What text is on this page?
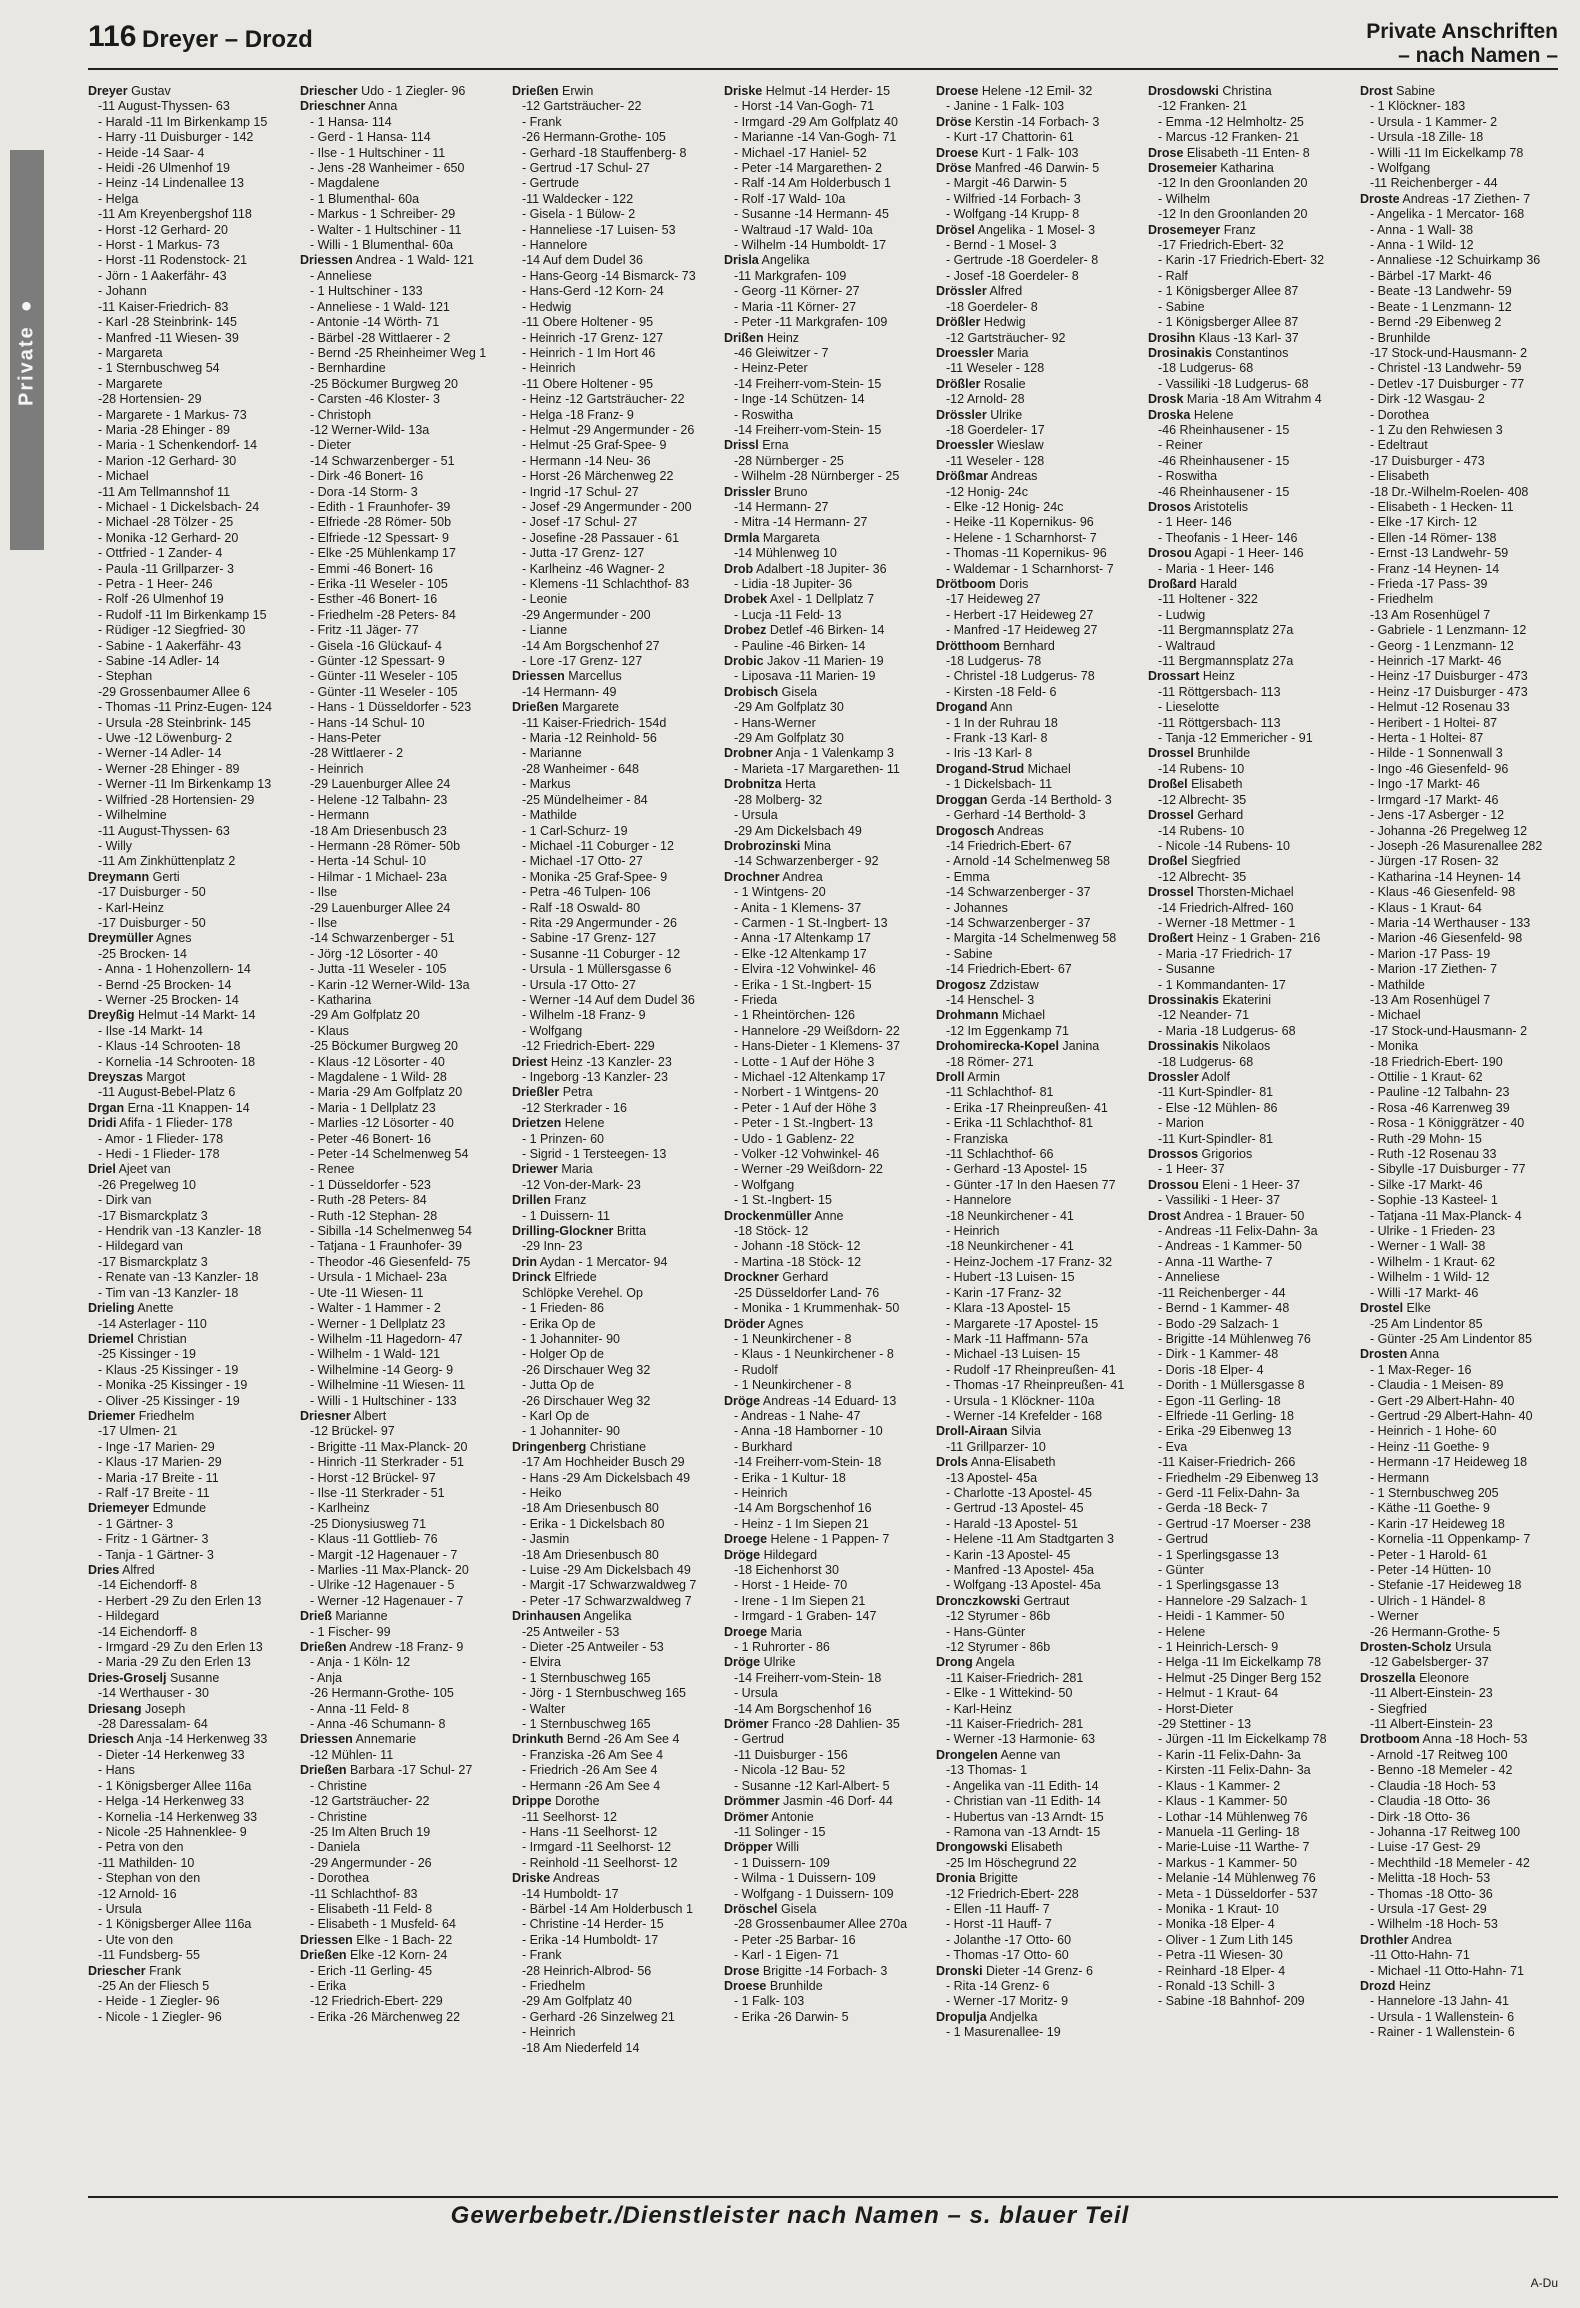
116 Dreyer – Drozd	Private Anschriften
– nach Namen –
Private ●
Dreyer Gustav
-11 August-Thyssen- 63
- Harald -11 Im Birkenkamp 15
- Harry -11 Duisburger - 142
- Heide -14 Saar- 4
- Heidi -26 Ulmenhof 19
- Heinz -14 Lindenallee 13
- Helga
-11 Am Kreyenbergshof 118
- Horst -12 Gerhard- 20
- Horst - 1 Markus- 73
- Horst -11 Rodenstock- 21
- Jörn - 1 Aakerfähr- 43
- Johann
-11 Kaiser-Friedrich- 83
- Karl -28 Steinbrink- 145
- Manfred -11 Wiesen- 39
- Margareta
- 1 Sternbuschweg 54
- Margarete
-28 Hortensien- 29
- Margarete - 1 Markus- 73
- Maria -28 Ehinger - 89
- Maria - 1 Schenkendorf- 14
- Marion -12 Gerhard- 30
- Michael
-11 Am Tellmannshof 11
- Michael - 1 Dickelsbach- 24
- Michael -28 Tölzer - 25
- Monika -12 Gerhard- 20
- Ottfried - 1 Zander- 4
- Paula -11 Grillparzer- 3
- Petra - 1 Heer- 246
- Rolf -26 Ulmenhof 19
- Rudolf -11 Im Birkenkamp 15
- Rüdiger -12 Siegfried- 30
- Sabine - 1 Aakerfähr- 43
- Sabine -14 Adler- 14
- Stephan
-29 Grossenbaumer Allee 6
- Thomas -11 Prinz-Eugen- 124
- Ursula -28 Steinbrink- 145
- Uwe -12 Löwenburg- 2
- Werner -14 Adler- 14
- Werner -28 Ehinger - 89
- Werner -11 Im Birkenkamp 13
- Wilfried -28 Hortensien- 29
- Wilhelmine
-11 August-Thyssen- 63
- Willy
-11 Am Zinkhüttenplatz 2
Dreymann Gerti
-17 Duisburger - 50
- Karl-Heinz
-17 Duisburger - 50
Dreymüller Agnes
-25 Brocken- 14
- Anna - 1 Hohenzollern- 14
- Bernd -25 Brocken- 14
- Werner -25 Brocken- 14
Dreyßig Helmut -14 Markt- 14
- Ilse -14 Markt- 14
- Klaus -14 Schrooten- 18
- Kornelia -14 Schrooten- 18
Dreyszas Margot
-11 August-Bebel-Platz 6
Drgan Erna -11 Knappen- 14
Dridi Afifa - 1 Flieder- 178
- Amor - 1 Flieder- 178
- Hedi - 1 Flieder- 178
Driel Ajeet van
-26 Pregelweg 10
- Dirk van
-17 Bismarckplatz 3
- Hendrik van -13 Kanzler- 18
- Hildegard van
-17 Bismarckplatz 3
- Renate van -13 Kanzler- 18
- Tim van -13 Kanzler- 18
Drieling Anette
-14 Asterlager - 110
Driemel Christian
-25 Kissinger - 19
- Klaus -25 Kissinger - 19
- Monika -25 Kissinger - 19
- Oliver -25 Kissinger - 19
Driemer Friedhelm
-17 Ulmen- 21
- Inge -17 Marien- 29
- Klaus -17 Marien- 29
- Maria -17 Breite - 11
- Ralf -17 Breite - 11
Driemeyer Edmunde
- 1 Gärtner- 3
- Fritz - 1 Gärtner- 3
- Tanja - 1 Gärtner- 3
Dries Alfred
-14 Eichendorff- 8
- Herbert -29 Zu den Erlen 13
- Hildegard
-14 Eichendorff- 8
- Irmgard -29 Zu den Erlen 13
- Maria -29 Zu den Erlen 13
Dries-Groselj Susanne
-14 Werthauser - 30
Driesang Joseph
-28 Daressalam- 64
Driesch Anja -14 Herkenweg 33
- Dieter -14 Herkenweg 33
- Hans
- 1 Königsberger Allee 116a
- Helga -14 Herkenweg 33
- Kornelia -14 Herkenweg 33
- Nicole -25 Hahnenklee- 9
- Petra von den
-11 Mathilden- 10
- Stephan von den
-12 Arnold- 16
- Ursula
- 1 Königsberger Allee 116a
- Ute von den
-11 Fundsberg- 55
Driescher Frank
-25 An der Fliesch 5
- Heide - 1 Ziegler- 96
- Nicole - 1 Ziegler- 96
Driescher Udo - 1 Ziegler- 96
Drieschner Anna
- 1 Hansa- 114
- Gerd - 1 Hansa- 114
- Ilse - 1 Hultschiner - 11
- Jens -28 Wanheimer - 650
- Magdalene
- 1 Blumenthal- 60a
- Markus - 1 Schreiber- 29
- Walter - 1 Hultschiner - 11
- Willi - 1 Blumenthal- 60a
Driessen Andrea - 1 Wald- 121
- Anneliese
- 1 Hultschiner - 133
- Anneliese - 1 Wald- 121
- Antonie -14 Wörth- 71
- Bärbel -28 Wittlaerer - 2
- Bernd -25 Rheinheimer Weg 1
- Bernhardine
-25 Böckumer Burgweg 20
- Carsten -46 Kloster- 3
- Christoph
-12 Werner-Wild- 13a
- Dieter
-14 Schwarzenberger - 51
- Dirk -46 Bonert- 16
- Dora -14 Storm- 3
- Edith - 1 Fraunhofer- 39
- Elfriede -28 Römer- 50b
- Elfriede -12 Spessart- 9
- Elke -25 Mühlenkamp 17
- Emmi -46 Bonert- 16
- Erika -11 Weseler - 105
- Esther -46 Bonert- 16
- Friedhelm -28 Peters- 84
- Fritz -11 Jäger- 77
- Gisela -16 Glückauf- 4
- Günter -12 Spessart- 9
- Günter -11 Weseler - 105
- Günter -11 Weseler - 105
- Hans - 1 Düsseldorfer - 523
- Hans -14 Schul- 10
- Hans-Peter
-28 Wittlaerer - 2
- Heinrich
-29 Lauenburger Allee 24
- Helene -12 Talbahn- 23
- Hermann
-18 Am Driesenbusch 23
- Hermann -28 Römer- 50b
- Herta -14 Schul- 10
- Hilmar - 1 Michael- 23a
- Ilse
-29 Lauenburger Allee 24
- Ilse
-14 Schwarzenberger - 51
- Jörg -12 Lösorter - 40
- Jutta -11 Weseler - 105
- Karin -12 Werner-Wild- 13a
- Katharina
-29 Am Golfplatz 20
- Klaus
-25 Böckumer Burgweg 20
- Klaus -12 Lösorter - 40
- Magdalene - 1 Wild- 28
- Maria -29 Am Golfplatz 20
- Maria - 1 Dellplatz 23
- Marlies -12 Lösorter - 40
- Peter -46 Bonert- 16
- Peter -14 Schelmenweg 54
- Renee
- 1 Düsseldorfer - 523
- Ruth -28 Peters- 84
- Ruth -12 Stephan- 28
- Sibilla -14 Schelmenweg 54
- Tatjana - 1 Fraunhofer- 39
- Theodor -46 Giesenfeld- 75
- Ursula - 1 Michael- 23a
- Ute -11 Wiesen- 11
- Walter - 1 Hammer - 2
- Werner - 1 Dellplatz 23
- Wilhelm -11 Hagedorn- 47
- Wilhelm - 1 Wald- 121
- Wilhelmine -14 Georg- 9
- Wilhelmine -11 Wiesen- 11
- Willi - 1 Hultschiner - 133
Driesner Albert
-12 Brückel- 97
- Brigitte -11 Max-Planck- 20
- Hinrich -11 Sterkrader - 51
- Horst -12 Brückel- 97
- Ilse -11 Sterkrader - 51
- Karlheinz
-25 Dionysiusweg 71
- Klaus -11 Gottlieb- 76
- Margit -12 Hagenauer - 7
- Marlies -11 Max-Planck- 20
- Ulrike -12 Hagenauer - 5
- Werner -12 Hagenauer - 7
Drieß Marianne
- 1 Fischer- 99
Drießen Andrew -18 Franz- 9
- Anja - 1 Köln- 12
- Anja
-26 Hermann-Grothe- 105
- Anna -11 Feld- 8
- Anna -46 Schumann- 8
Driessen Annemarie
-12 Mühlen- 11
Drießen Barbara -17 Schul- 27
- Christine
-12 Gartsträucher- 22
- Christine
-25 Im Alten Bruch 19
- Daniela
-29 Angermunder - 26
- Dorothea
-11 Schlachthof- 83
- Elisabeth -11 Feld- 8
- Elisabeth - 1 Musfeld- 64
Driessen Elke - 1 Bach- 22
Drießen Elke -12 Korn- 24
- Erich -11 Gerling- 45
- Erika
-12 Friedrich-Ebert- 229
- Erika -26 Märchenweg 22
Drießen Erwin
-12 Gartsträucher- 22
- Frank
-26 Hermann-Grothe- 105
- Gerhard -18 Stauffenberg- 8
- Gertrud -17 Schul- 27
- Gertrude
-11 Waldecker - 122
- Gisela - 1 Bülow- 2
- Hanneliese -17 Luisen- 53
- Hannelore
-14 Auf dem Dudel 36
- Hans-Georg -14 Bismarck- 73
- Hans-Gerd -12 Korn- 24
- Hedwig
-11 Obere Holtener - 95
- Heinrich -17 Grenz- 127
- Heinrich - 1 Im Hort 46
- Heinrich
-11 Obere Holtener - 95
- Heinz -12 Gartsträucher- 22
- Helga -18 Franz- 9
- Helmut -29 Angermunder - 26
- Helmut -25 Graf-Spee- 9
- Hermann -14 Neu- 36
- Horst -26 Märchenweg 22
- Ingrid -17 Schul- 27
- Josef -29 Angermunder - 200
- Josef -17 Schul- 27
- Josefine -28 Passauer - 61
- Jutta -17 Grenz- 127
- Karlheinz -46 Wagner- 2
- Klemens -11 Schlachthof- 83
- Leonie
-29 Angermunder - 200
- Lianne
-14 Am Borgschenhof 27
- Lore -17 Grenz- 127
Driessen Marcellus
-14 Hermann- 49
Drießen Margarete
-11 Kaiser-Friedrich- 154d
- Maria -12 Reinhold- 56
- Marianne
-28 Wanheimer - 648
- Markus
-25 Mündelheimer - 84
- Mathilde
- 1 Carl-Schurz- 19
- Michael -11 Coburger - 12
- Michael -17 Otto- 27
- Monika -25 Graf-Spee- 9
- Petra -46 Tulpen- 106
- Ralf -18 Oswald- 80
- Rita -29 Angermunder - 26
- Sabine -17 Grenz- 127
- Susanne -11 Coburger - 12
- Ursula - 1 Müllersgasse 6
- Ursula -17 Otto- 27
- Werner -14 Auf dem Dudel 36
- Wilhelm -18 Franz- 9
- Wolfgang
-12 Friedrich-Ebert- 229
Driest Heinz -13 Kanzler- 23
- Ingeborg -13 Kanzler- 23
Drießler Petra
-12 Sterkrader - 16
Drietzen Helene
- 1 Prinzen- 60
- Sigrid - 1 Tersteegen- 13
Driewer Maria
-12 Von-der-Mark- 23
Drillen Franz
- 1 Duissern- 11
Drilling-Glockner Britta
-29 Inn- 23
Drin Aydan - 1 Mercator- 94
Drinck Elfriede
Schlöpke Verehel. Op
- 1 Frieden- 86
- Erika Op de
- 1 Johanniter- 90
- Holger Op de
-26 Dirschauer Weg 32
- Jutta Op de
-26 Dirschauer Weg 32
- Karl Op de
- 1 Johanniter- 90
Dringenberg Christiane
-17 Am Hochheider Busch 29
- Hans -29 Am Dickelsbach 49
- Heiko
-18 Am Driesenbusch 80
- Erika - 1 Dickelsbach 80
- Jasmin
-18 Am Driesenbusch 80
- Luise -29 Am Dickelsbach 49
- Margit -17 Schwarzwaldweg 7
- Peter -17 Schwarzwaldweg 7
Drinhausen Angelika
-25 Antweiler - 53
- Dieter -25 Antweiler - 53
- Elvira
- 1 Sternbuschweg 165
- Jörg - 1 Sternbuschweg 165
- Walter
- 1 Sternbuschweg 165
Drinkuth Bernd -26 Am See 4
- Franziska -26 Am See 4
- Friedrich -26 Am See 4
- Hermann -26 Am See 4
Drippe Dorothe
-11 Seelhorst- 12
- Hans -11 Seelhorst- 12
- Irmgard -11 Seelhorst- 12
- Reinhold -11 Seelhorst- 12
Driske Andreas
-14 Humboldt- 17
- Bärbel -14 Am Holderbusch 1
- Christine -14 Herder- 15
- Erika -14 Humboldt- 17
- Frank
-28 Heinrich-Albrod- 56
- Friedhelm
-29 Am Golfplatz 40
- Gerhard -26 Sinzelweg 21
- Heinrich
-18 Am Niederfeld 14
Driske Helmut -14 Herder- 15
- Horst -14 Van-Gogh- 71
- Irmgard -29 Am Golfplatz 40
- Marianne -14 Van-Gogh- 71
- Michael -17 Haniel- 52
- Peter -14 Margarethen- 2
- Ralf -14 Am Holderbusch 1
- Rolf -17 Wald- 10a
- Susanne -14 Hermann- 45
- Waltraud -17 Wald- 10a
- Wilhelm -14 Humboldt- 17
Drisla Angelika
-11 Markgrafen- 109
- Georg -11 Körner- 27
- Maria -11 Körner- 27
- Peter -11 Markgrafen- 109
Drißen Heinz
-46 Gleiwitzer - 7
- Heinz-Peter
-14 Freiherr-vom-Stein- 15
- Inge -14 Schützen- 14
- Roswitha
-14 Freiherr-vom-Stein- 15
Drissl Erna
-28 Nürnberger - 25
- Wilhelm -28 Nürnberger - 25
Drissler Bruno
-14 Hermann- 27
- Mitra -14 Hermann- 27
Drmla Margareta
-14 Mühlenweg 10
Drob Adalbert -18 Jupiter- 36
- Lidia -18 Jupiter- 36
Drobek Axel - 1 Dellplatz 7
- Lucja -11 Feld- 13
Drobez Detlef -46 Birken- 14
- Pauline -46 Birken- 14
Drobic Jakov -11 Marien- 19
- Liposava -11 Marien- 19
Drobisch Gisela
-29 Am Golfplatz 30
- Hans-Werner
-29 Am Golfplatz 30
Drobner Anja - 1 Valenkamp 3
- Marieta -17 Margarethen- 11
Drobnitza Herta
-28 Molberg- 32
- Ursula
-29 Am Dickelsbach 49
Drobrozinski Mina
-14 Schwarzenberger - 92
Drochner Andrea
- 1 Wintgens- 20
- Anita - 1 Klemens- 37
- Carmen - 1 St.-Ingbert- 13
- Anna -17 Altenkamp 17
- Elke -12 Altenkamp 17
- Elvira -12 Vohwinkel- 46
- Erika - 1 St.-Ingbert- 15
- Frieda
- 1 Rheintörchen- 126
- Hannelore -29 Weißdorn- 22
- Hans-Dieter - 1 Klemens- 37
- Lotte - 1 Auf der Höhe 3
- Michael -12 Altenkamp 17
- Norbert - 1 Wintgens- 20
- Peter - 1 Auf der Höhe 3
- Peter - 1 St.-Ingbert- 13
- Udo - 1 Gablenz- 22
- Volker -12 Vohwinkel- 46
- Werner -29 Weißdorn- 22
- Wolfgang
- 1 St.-Ingbert- 15
Drockenmüller Anne
-18 Stöck- 12
- Johann -18 Stöck- 12
- Martina -18 Stöck- 12
Drockner Gerhard
-25 Düsseldorfer Land- 76
- Monika - 1 Krummenhak- 50
Dröder Agnes
- 1 Neunkirchener - 8
- Klaus - 1 Neunkirchener - 8
- Rudolf
- 1 Neunkirchener - 8
Dröge Andreas -14 Eduard- 13
- Andreas - 1 Nahe- 47
- Anna -18 Hamborner - 10
- Burkhard
-14 Freiherr-vom-Stein- 18
- Erika - 1 Kultur- 18
- Heinrich
-14 Am Borgschenhof 16
- Heinz - 1 Im Siepen 21
Droege Helene - 1 Pappen- 7
Dröge Hildegard
-18 Eichenhorst 30
- Horst - 1 Heide- 70
- Irene - 1 Im Siepen 21
- Irmgard - 1 Graben- 147
Droege Maria
- 1 Ruhrorter - 86
Dröge Ulrike
-14 Freiherr-vom-Stein- 18
- Ursula
-14 Am Borgschenhof 16
Drömer Franco -28 Dahlien- 35
- Gertrud
-11 Duisburger - 156
- Nicola -12 Bau- 52
- Susanne -12 Karl-Albert- 5
Drömmer Jasmin -46 Dorf- 44
Drömer Antonie
-11 Solinger - 15
Dröpper Willi
- 1 Duissern- 109
- Wilma - 1 Duissern- 109
- Wolfgang - 1 Duissern- 109
Dröschel Gisela
-28 Grossenbaumer Allee 270a
- Peter -25 Barbar- 16
- Karl - 1 Eigen- 71
Drose Brigitte -14 Forbach- 3
Droese Brunhilde
- 1 Falk- 103
- Erika -26 Darwin- 5
Droese Helene -12 Emil- 32
- Janine - 1 Falk- 103
Dröse Kerstin -14 Forbach- 3
- Kurt -17 Chattorin- 61
Droese Kurt - 1 Falk- 103
Dröse Manfred -46 Darwin- 5
- Margit -46 Darwin- 5
- Wilfried -14 Forbach- 3
- Wolfgang -14 Krupp- 8
Drösel Angelika - 1 Mosel- 3
- Bernd - 1 Mosel- 3
- Gertrude -18 Goerdeler- 8
- Josef -18 Goerdeler- 8
Drössler Alfred
-18 Goerdeler- 8
Drößler Hedwig
-12 Gartsträucher- 92
Droessler Maria
-11 Weseler - 128
Drößler Rosalie
-12 Arnold- 28
Drössler Ulrike
-18 Goerdeler- 17
Droessler Wieslaw
-11 Weseler - 128
Drößmar Andreas
-12 Honig- 24c
- Elke -12 Honig- 24c
- Heike -11 Kopernikus- 96
- Helene - 1 Scharnhorst- 7
- Thomas -11 Kopernikus- 96
- Waldemar - 1 Scharnhorst- 7
Drötboom Doris
-17 Heideweg 27
- Herbert -17 Heideweg 27
- Manfred -17 Heideweg 27
Drötthoom Bernhard
-18 Ludgerus- 78
- Christel -18 Ludgerus- 78
- Kirsten -18 Feld- 6
Drogand Ann
- 1 In der Ruhrau 18
- Frank -13 Karl- 8
- Iris -13 Karl- 8
Drogand-Strud Michael
- 1 Dickelsbach- 11
Droggan Gerda -14 Berthold- 3
- Gerhard -14 Berthold- 3
Drogosch Andreas
-14 Friedrich-Ebert- 67
- Arnold -14 Schelmenweg 58
- Emma
-14 Schwarzenberger - 37
- Johannes
-14 Schwarzenberger - 37
- Margita -14 Schelmenweg 58
- Sabine
-14 Friedrich-Ebert- 67
Drogosz Zdzistaw
-14 Henschel- 3
Drohmann Michael
-12 Im Eggenkamp 71
Drohomirecka-Kopel Janina
-18 Römer- 271
Droll Armin
-11 Schlachthof- 81
- Erika -17 Rheinpreußen- 41
- Erika -11 Schlachthof- 81
- Franziska
-11 Schlachthof- 66
- Gerhard -13 Apostel- 15
- Günter -17 In den Haesen 77
- Hannelore
-18 Neunkirchener - 41
- Heinrich
-18 Neunkirchener - 41
- Heinz-Jochem -17 Franz- 32
- Hubert -13 Luisen- 15
- Karin -17 Franz- 32
- Klara -13 Apostel- 15
- Margarete -17 Apostel- 15
- Mark -11 Haffmann- 57a
- Michael -13 Luisen- 15
- Rudolf -17 Rheinpreußen- 41
- Thomas -17 Rheinpreußen- 41
- Ursula - 1 Klöckner- 110a
- Werner -14 Krefelder - 168
Droll-Airaan Silvia
-11 Grillparzer- 10
Drols Anna-Elisabeth
-13 Apostel- 45a
- Charlotte -13 Apostel- 45
- Gertrud -13 Apostel- 45
- Harald -13 Apostel- 51
- Helene -11 Am Stadtgarten 3
- Karin -13 Apostel- 45
- Manfred -13 Apostel- 45a
- Wolfgang -13 Apostel- 45a
Dronczkowski Gertraut
-12 Styrumer - 86b
- Hans-Günter
-12 Styrumer - 86b
Drong Angela
-11 Kaiser-Friedrich- 281
- Elke - 1 Wittekind- 50
- Karl-Heinz
-11 Kaiser-Friedrich- 281
- Werner -13 Harmonie- 63
Drongelen Aenne van
-13 Thomas- 1
- Angelika van -11 Edith- 14
- Christian van -11 Edith- 14
- Hubertus van -13 Arndt- 15
- Ramona van -13 Arndt- 15
Drongowski Elisabeth
-25 Im Höschegrund 22
Dronia Brigitte
-12 Friedrich-Ebert- 228
- Ellen -11 Hauff- 7
- Horst -11 Hauff- 7
- Jolanthe -17 Otto- 60
- Thomas -17 Otto- 60
Dronski Dieter -14 Grenz- 6
- Rita -14 Grenz- 6
- Werner -17 Moritz- 9
Dropulja Andjelka
- 1 Masurenallee- 19
Drosdowski Christina
-12 Franken- 21
- Emma -12 Helmholtz- 25
- Marcus -12 Franken- 21
Drose Elisabeth -11 Enten- 8
Drosemeier Katharina
-12 In den Groonlanden 20
- Wilhelm
-12 In den Groonlanden 20
Drosemeyer Franz
-17 Friedrich-Ebert- 32
- Karin -17 Friedrich-Ebert- 32
- Ralf
- 1 Königsberger Allee 87
- Sabine
- 1 Königsberger Allee 87
Drosihn Klaus -13 Karl- 37
Drosinakis Constantinos
-18 Ludgerus- 68
- Vassiliki -18 Ludgerus- 68
Drosk Maria -18 Am Witrahm 4
Droska Helene
-46 Rheinhausener - 15
- Reiner
-46 Rheinhausener - 15
- Roswitha
-46 Rheinhausener - 15
Drosos Aristotelis
- 1 Heer- 146
- Theofanis - 1 Heer- 146
Drosou Agapi - 1 Heer- 146
- Maria - 1 Heer- 146
Droßard Harald
-11 Holtener - 322
- Ludwig
-11 Bergmannsplatz 27a
- Waltraud
-11 Bergmannsplatz 27a
Drossart Heinz
-11 Röttgersbach- 113
- Lieselotte
-11 Röttgersbach- 113
- Tanja -12 Emmericher - 91
Drossel Brunhilde
-14 Rubens- 10
Droßel Elisabeth
-12 Albrecht- 35
Drossel Gerhard
-14 Rubens- 10
- Nicole -14 Rubens- 10
Droßel Siegfried
-12 Albrecht- 35
Drossel Thorsten-Michael
-14 Friedrich-Alfred- 160
- Werner -18 Mettmer - 1
Droßert Heinz - 1 Graben- 216
- Maria -17 Friedrich- 17
- Susanne
- 1 Kommandanten- 17
Drossinakis Ekaterini
-12 Neander- 71
- Maria -18 Ludgerus- 68
Drossinakis Nikolaos
-18 Ludgerus- 68
Drossler Adolf
-11 Kurt-Spindler- 81
- Else -12 Mühlen- 86
- Marion
-11 Kurt-Spindler- 81
Drossos Grigorios
- 1 Heer- 37
Drossou Eleni - 1 Heer- 37
- Vassiliki - 1 Heer- 37
Drost Andrea - 1 Brauer- 50
- Andreas -11 Felix-Dahn- 3a
- Andreas - 1 Kammer- 50
- Anna -11 Warthe- 7
- Anneliese
-11 Reichenberger - 44
- Bernd - 1 Kammer- 48
- Bodo -29 Salzach- 1
- Brigitte -14 Mühlenweg 76
- Dirk - 1 Kammer- 48
- Doris -18 Elper- 4
- Dorith - 1 Müllersgasse 8
- Egon -11 Gerling- 18
- Elfriede -11 Gerling- 18
- Erika -29 Eibenweg 13
- Eva
-11 Kaiser-Friedrich- 266
- Friedhelm -29 Eibenweg 13
- Gerd -11 Felix-Dahn- 3a
- Gerda -18 Beck- 7
- Gertrud -17 Moerser - 238
- Gertrud
- 1 Sperlingsgasse 13
- Günter
- 1 Sperlingsgasse 13
- Hannelore -29 Salzach- 1
- Heidi - 1 Kammer- 50
- Helene
- 1 Heinrich-Lersch- 9
- Helga -11 Im Eickelkamp 78
- Helmut -25 Dinger Berg 152
- Helmut - 1 Kraut- 64
- Horst-Dieter
-29 Stettiner - 13
- Jürgen -11 Im Eickelkamp 78
- Karin -11 Felix-Dahn- 3a
- Kirsten -11 Felix-Dahn- 3a
- Klaus - 1 Kammer- 2
- Klaus - 1 Kammer- 50
- Lothar -14 Mühlenweg 76
- Manuela -11 Gerling- 18
- Marie-Luise -11 Warthe- 7
- Markus - 1 Kammer- 50
- Melanie -14 Mühlenweg 76
- Meta - 1 Düsseldorfer - 537
- Monika - 1 Kraut- 10
- Monika -18 Elper- 4
- Oliver - 1 Zum Lith 145
- Petra -11 Wiesen- 30
- Reinhard -18 Elper- 4
- Ronald -13 Schill- 3
- Sabine -18 Bahnhof- 209
Drost Sabine
- 1 Klöckner- 183
- Ursula - 1 Kammer- 2
- Ursula -18 Zille- 18
- Willi -11 Im Eickelkamp 78
- Wolfgang
-11 Reichenberger - 44
Droste Andreas -17 Ziethen- 7
- Angelika - 1 Mercator- 168
- Anna - 1 Wall- 38
- Anna - 1 Wild- 12
- Annaliese -12 Schuirkamp 36
- Bärbel -17 Markt- 46
- Beate -13 Landwehr- 59
- Beate - 1 Lenzmann- 12
- Bernd -29 Eibenweg 2
- Brunhilde
-17 Stock-und-Hausmann- 2
- Christel -13 Landwehr- 59
- Detlev -17 Duisburger - 77
- Dirk -12 Wasgau- 2
- Dorothea
- 1 Zu den Rehwiesen 3
- Edeltraut
-17 Duisburger - 473
- Elisabeth
-18 Dr.-Wilhelm-Roelen- 408
- Elisabeth - 1 Hecken- 11
- Elke -17 Kirch- 12
- Ellen -14 Römer- 138
- Ernst -13 Landwehr- 59
- Franz -14 Heynen- 14
- Frieda -17 Pass- 39
- Friedhelm
-13 Am Rosenhügel 7
- Gabriele - 1 Lenzmann- 12
- Georg - 1 Lenzmann- 12
- Heinrich -17 Markt- 46
- Heinz -17 Duisburger - 473
- Heinz -17 Duisburger - 473
- Helmut -12 Rosenau 33
- Heribert - 1 Holtei- 87
- Herta - 1 Holtei- 87
- Hilde - 1 Sonnenwall 3
- Ingo -46 Giesenfeld- 96
- Ingo -17 Markt- 46
- Irmgard -17 Markt- 46
- Jens -17 Asberger - 12
- Johanna -26 Pregelweg 12
- Joseph -26 Masurenallee 282
- Jürgen -17 Rosen- 32
- Katharina -14 Heynen- 14
- Klaus -46 Giesenfeld- 98
- Klaus - 1 Kraut- 64
- Maria -14 Werthauser - 133
- Marion -46 Giesenfeld- 98
- Marion -17 Pass- 19
- Marion -17 Ziethen- 7
- Mathilde
-13 Am Rosenhügel 7
- Michael
-17 Stock-und-Hausmann- 2
- Monika
-18 Friedrich-Ebert- 190
- Ottilie - 1 Kraut- 62
- Pauline -12 Talbahn- 23
- Rosa -46 Karrenweg 39
- Rosa - 1 Königgrätzer - 40
- Ruth -29 Mohn- 15
- Ruth -12 Rosenau 33
- Sibylle -17 Duisburger - 77
- Silke -17 Markt- 46
- Sophie -13 Kasteel- 1
- Tatjana -11 Max-Planck- 4
- Ulrike - 1 Frieden- 23
- Werner - 1 Wall- 38
- Wilhelm - 1 Kraut- 62
- Wilhelm - 1 Wild- 12
- Willi -17 Markt- 46
Drostel Elke
-25 Am Lindentor 85
- Günter -25 Am Lindentor 85
Drosten Anna
- 1 Max-Reger- 16
- Claudia - 1 Meisen- 89
- Gert -29 Albert-Hahn- 40
- Gertrud -29 Albert-Hahn- 40
- Heinrich - 1 Hohe- 60
- Heinz -11 Goethe- 9
- Hermann -17 Heideweg 18
- Hermann
- 1 Sternbuschweg 205
- Käthe -11 Goethe- 9
- Karin -17 Heideweg 18
- Kornelia -11 Oppenkamp- 7
- Peter - 1 Harold- 61
- Peter -14 Hütten- 10
- Stefanie -17 Heideweg 18
- Ulrich - 1 Händel- 8
- Werner
-26 Hermann-Grothe- 5
Drosten-Scholz Ursula
-12 Gabelsberger- 37
Droszella Eleonore
-11 Albert-Einstein- 23
- Siegfried
-11 Albert-Einstein- 23
Drotboom Anna -18 Hoch- 53
- Arnold -17 Reitweg 100
- Benno -18 Memeler - 42
- Claudia -18 Hoch- 53
- Claudia -18 Otto- 36
- Dirk -18 Otto- 36
- Johanna -17 Reitweg 100
- Luise -17 Gest- 29
- Mechthild -18 Memeler - 42
- Melitta -18 Hoch- 53
- Thomas -18 Otto- 36
- Ursula -17 Gest- 29
- Wilhelm -18 Hoch- 53
Drothler Andrea
-11 Otto-Hahn- 71
- Michael -11 Otto-Hahn- 71
Drozd Heinz
- Hannelore -13 Jahn- 41
- Ursula - 1 Wallenstein- 6
- Rainer - 1 Wallenstein- 6
Gewerbebetr./Dienstleister nach Namen – s. blauer Teil
A-Du
